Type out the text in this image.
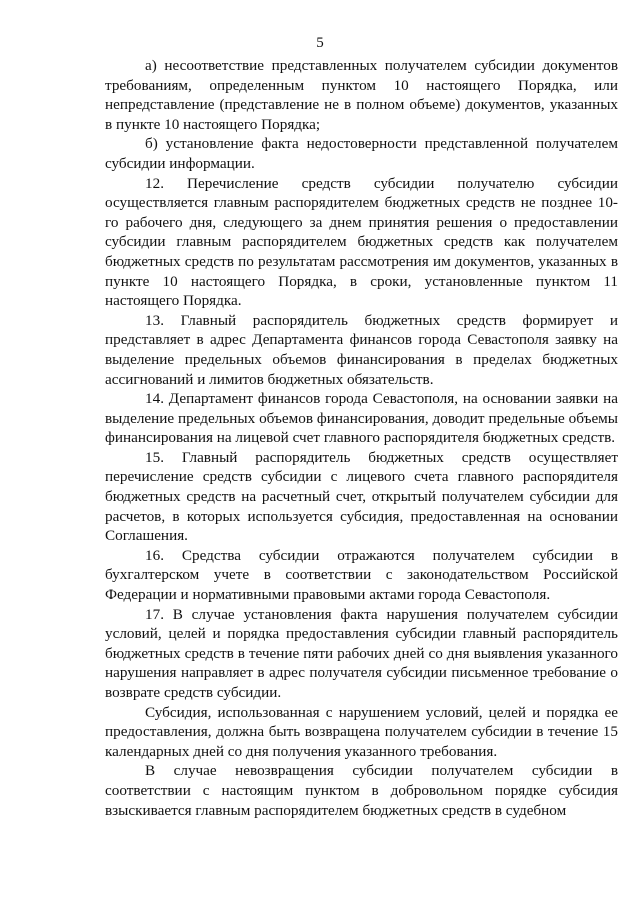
5

а) несоответствие представленных получателем субсидии документов требованиям, определенным пунктом 10 настоящего Порядка, или непредставление (представление не в полном объеме) документов, указанных в пункте 10 настоящего Порядка;

б) установление факта недостоверности представленной получателем субсидии информации.

12. Перечисление средств субсидии получателю субсидии осуществляется главным распорядителем бюджетных средств не позднее 10-го рабочего дня, следующего за днем принятия решения о предоставлении субсидии главным распорядителем бюджетных средств как получателем бюджетных средств по результатам рассмотрения им документов, указанных в пункте 10 настоящего Порядка, в сроки, установленные пунктом 11 настоящего Порядка.

13. Главный распорядитель бюджетных средств формирует и представляет в адрес Департамента финансов города Севастополя заявку на выделение предельных объемов финансирования в пределах бюджетных ассигнований и лимитов бюджетных обязательств.

14. Департамент финансов города Севастополя, на основании заявки на выделение предельных объемов финансирования, доводит предельные объемы финансирования на лицевой счет главного распорядителя бюджетных средств.

15. Главный распорядитель бюджетных средств осуществляет перечисление средств субсидии с лицевого счета главного распорядителя бюджетных средств на расчетный счет, открытый получателем субсидии для расчетов, в которых используется субсидия, предоставленная на основании Соглашения.

16. Средства субсидии отражаются получателем субсидии в бухгалтерском учете в соответствии с законодательством Российской Федерации и нормативными правовыми актами города Севастополя.

17. В случае установления факта нарушения получателем субсидии условий, целей и порядка предоставления субсидии главный распорядитель бюджетных средств в течение пяти рабочих дней со дня выявления указанного нарушения направляет в адрес получателя субсидии письменное требование о возврате средств субсидии.

Субсидия, использованная с нарушением условий, целей и порядка ее предоставления, должна быть возвращена получателем субсидии в течение 15 календарных дней со дня получения указанного требования.

В случае невозвращения субсидии получателем субсидии в соответствии с настоящим пунктом в добровольном порядке субсидия взыскивается главным распорядителем бюджетных средств в судебном
